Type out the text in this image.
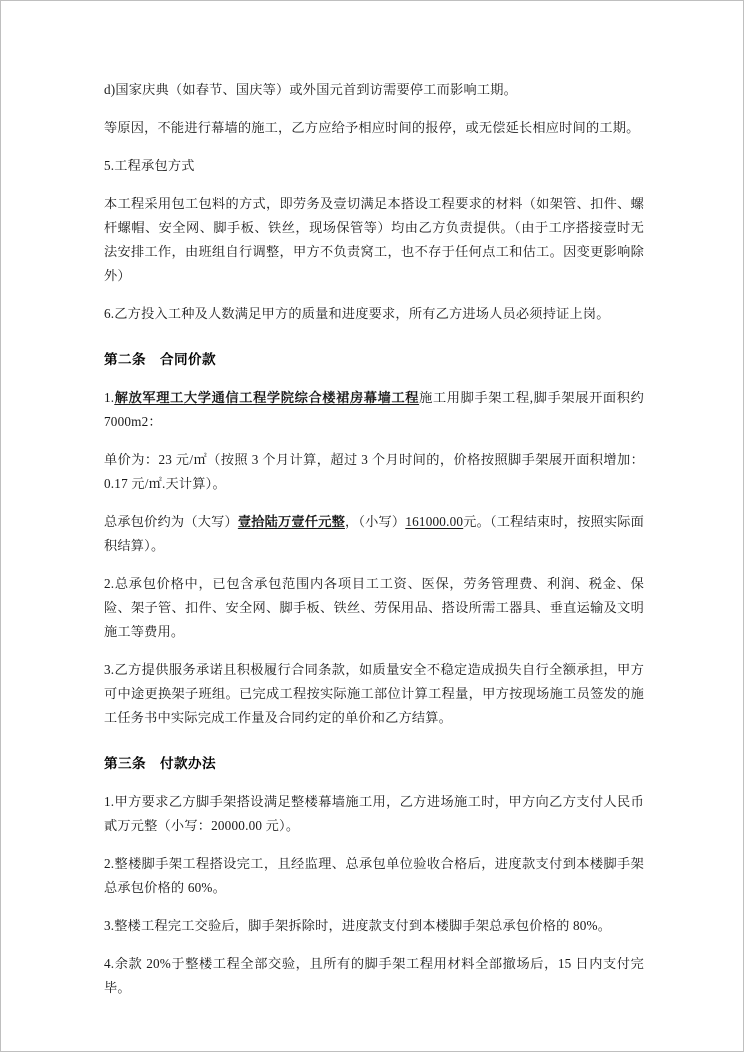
d)国家庆典（如春节、国庆等）或外国元首到访需要停工而影响工期。

等原因，不能进行幕墙的施工，乙方应给予相应时间的报停，或无偿延长相应时间的工期。

5.工程承包方式

本工程采用包工包料的方式，即劳务及壹切满足本搭设工程要求的材料（如架管、扣件、螺杆螺帽、安全网、脚手板、铁丝，现场保管等）均由乙方负责提供。（由于工序搭接壹时无法安排工作，由班组自行调整，甲方不负责窝工，也不存于任何点工和估工。因变更影响除外）

6.乙方投入工种及人数满足甲方的质量和进度要求，所有乙方进场人员必须持证上岗。

第二条 合同价款

1.解放军理工大学通信工程学院综合楼裙房幕墙工程施工用脚手架工程,脚手架展开面积约7000m2：

单价为：23 元/㎡（按照 3 个月计算，超过 3 个月时间的，价格按照脚手架展开面积增加：0.17 元/㎡.天计算）。

总承包价约为（大写）壹拾陆万壹仟元整，（小写）161000.00元。（工程结束时，按照实际面积结算）。

2.总承包价格中，已包含承包范围内各项目工工资、医保，劳务管理费、利润、税金、保险、架子管、扣件、安全网、脚手板、铁丝、劳保用品、搭设所需工器具、垂直运输及文明施工等费用。

3.乙方提供服务承诺且积极履行合同条款，如质量安全不稳定造成损失自行全额承担，甲方可中途更换架子班组。已完成工程按实际施工部位计算工程量，甲方按现场施工员签发的施工任务书中实际完成工作量及合同约定的单价和乙方结算。

第三条 付款办法

1.甲方要求乙方脚手架搭设满足整楼幕墙施工用，乙方进场施工时，甲方向乙方支付人民币貳万元整（小写：20000.00 元）。

2.整楼脚手架工程搭设完工，且经监理、总承包单位验收合格后，进度款支付到本楼脚手架总承包价格的 60%。

3.整楼工程完工交验后，脚手架拆除时，进度款支付到本楼脚手架总承包价格的 80%。

4.余款 20%于整楼工程全部交验，且所有的脚手架工程用材料全部撤场后，15 日内支付完毕。
